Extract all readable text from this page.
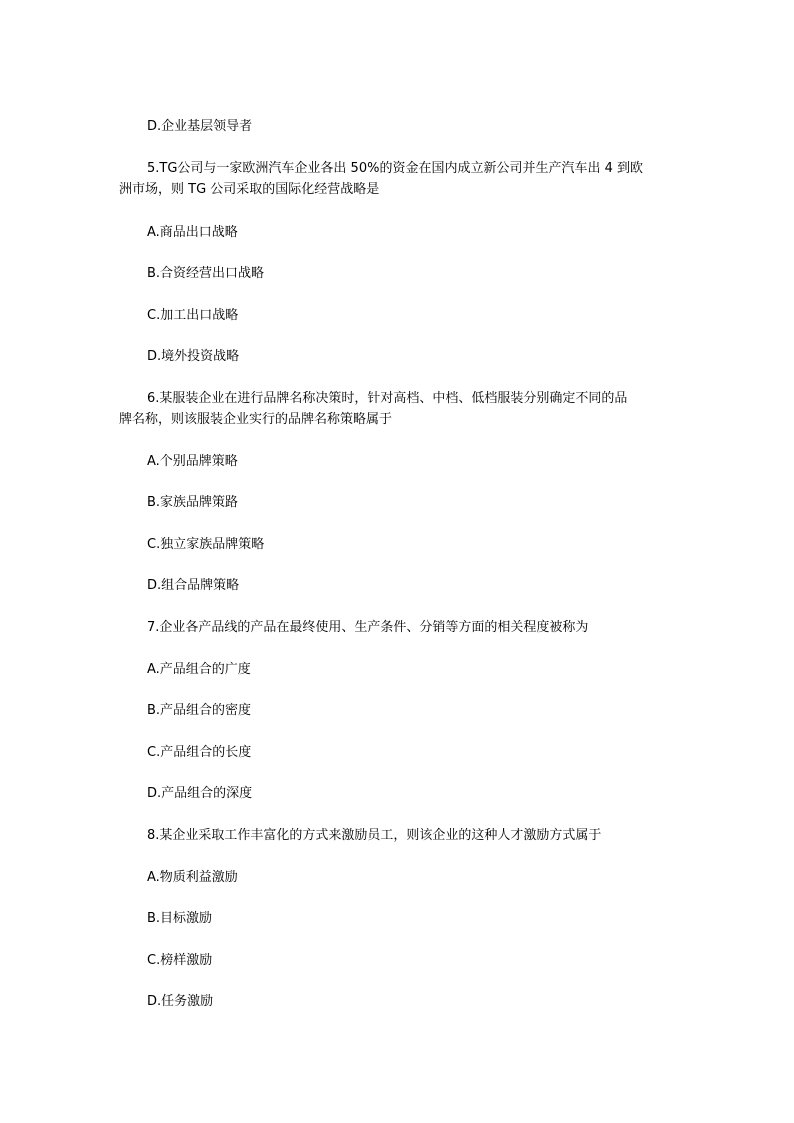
D.企业基层领导者
5.TG公司与一家欧洲汽车企业各出 50%的资金在国内成立新公司并生产汽车出 4 到欧
洲市场，则 TG 公司采取的国际化经营战略是
A.商品出口战略
B.合资经营出口战略
C.加工出口战略
D.境外投资战略
6.某服装企业在进行品牌名称决策时，针对高档、中档、低档服装分别确定不同的品
牌名称，则该服装企业实行的品牌名称策略属于
A.个别品牌策略
B.家族品牌策路
C.独立家族品牌策略
D.组合品牌策略
7.企业各产品线的产品在最终使用、生产条件、分销等方面的相关程度被称为
A.产品组合的广度
B.产品组合的密度
C.产品组合的长度
D.产品组合的深度
8.某企业采取工作丰富化的方式来激励员工，则该企业的这种人才激励方式属于
A.物质利益激励
B.目标激励
C.榜样激励
D.任务激励
